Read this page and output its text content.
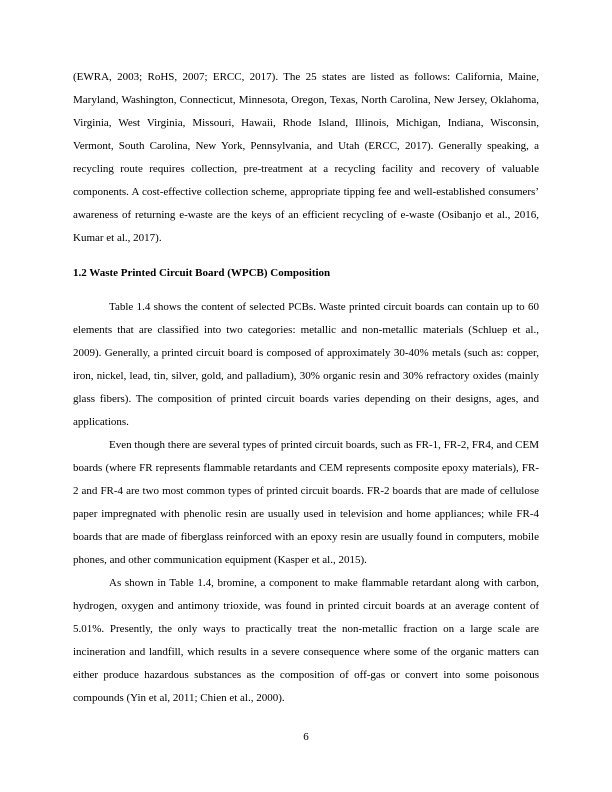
(EWRA, 2003; RoHS, 2007; ERCC, 2017). The 25 states are listed as follows: California, Maine, Maryland, Washington, Connecticut, Minnesota, Oregon, Texas, North Carolina, New Jersey, Oklahoma, Virginia, West Virginia, Missouri, Hawaii, Rhode Island, Illinois, Michigan, Indiana, Wisconsin, Vermont, South Carolina, New York, Pennsylvania, and Utah (ERCC, 2017). Generally speaking, a recycling route requires collection, pre-treatment at a recycling facility and recovery of valuable components. A cost-effective collection scheme, appropriate tipping fee and well-established consumers’ awareness of returning e-waste are the keys of an efficient recycling of e-waste (Osibanjo et al., 2016, Kumar et al., 2017).

1.2 Waste Printed Circuit Board (WPCB) Composition

Table 1.4 shows the content of selected PCBs. Waste printed circuit boards can contain up to 60 elements that are classified into two categories: metallic and non-metallic materials (Schluep et al., 2009). Generally, a printed circuit board is composed of approximately 30-40% metals (such as: copper, iron, nickel, lead, tin, silver, gold, and palladium), 30% organic resin and 30% refractory oxides (mainly glass fibers). The composition of printed circuit boards varies depending on their designs, ages, and applications.

Even though there are several types of printed circuit boards, such as FR-1, FR-2, FR4, and CEM boards (where FR represents flammable retardants and CEM represents composite epoxy materials), FR-2 and FR-4 are two most common types of printed circuit boards. FR-2 boards that are made of cellulose paper impregnated with phenolic resin are usually used in television and home appliances; while FR-4 boards that are made of fiberglass reinforced with an epoxy resin are usually found in computers, mobile phones, and other communication equipment (Kasper et al., 2015).

As shown in Table 1.4, bromine, a component to make flammable retardant along with carbon, hydrogen, oxygen and antimony trioxide, was found in printed circuit boards at an average content of 5.01%. Presently, the only ways to practically treat the non-metallic fraction on a large scale are incineration and landfill, which results in a severe consequence where some of the organic matters can either produce hazardous substances as the composition of off-gas or convert into some poisonous compounds (Yin et al, 2011; Chien et al., 2000).

6
